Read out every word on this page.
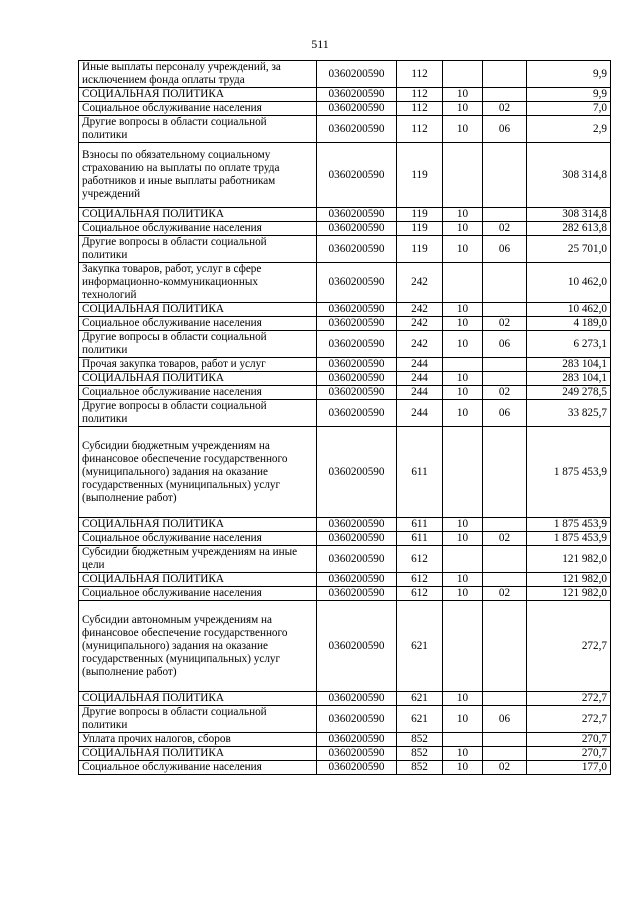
511
Иные выплаты персоналу учреждений, за исключением фонда оплаты труда	0360200590	112			9,9
СОЦИАЛЬНАЯ ПОЛИТИКА	0360200590	112	10		9,9
Социальное обслуживание населения	0360200590	112	10	02	7,0
Другие вопросы в области социальной политики	0360200590	112	10	06	2,9
Взносы по обязательному социальному страхованию на выплаты по оплате труда работников и иные выплаты работникам учреждений	0360200590	119			308 314,8
СОЦИАЛЬНАЯ ПОЛИТИКА	0360200590	119	10		308 314,8
Социальное обслуживание населения	0360200590	119	10	02	282 613,8
Другие вопросы в области социальной политики	0360200590	119	10	06	25 701,0
Закупка товаров, работ, услуг в сфере информационно-коммуникационных технологий	0360200590	242			10 462,0
СОЦИАЛЬНАЯ ПОЛИТИКА	0360200590	242	10		10 462,0
Социальное обслуживание населения	0360200590	242	10	02	4 189,0
Другие вопросы в области социальной политики	0360200590	242	10	06	6 273,1
Прочая закупка товаров, работ и услуг	0360200590	244			283 104,1
СОЦИАЛЬНАЯ ПОЛИТИКА	0360200590	244	10		283 104,1
Социальное обслуживание населения	0360200590	244	10	02	249 278,5
Другие вопросы в области социальной политики	0360200590	244	10	06	33 825,7
Субсидии бюджетным учреждениям на финансовое обеспечение государственного (муниципального) задания на оказание государственных (муниципальных) услуг (выполнение работ)	0360200590	611			1 875 453,9
СОЦИАЛЬНАЯ ПОЛИТИКА	0360200590	611	10		1 875 453,9
Социальное обслуживание населения	0360200590	611	10	02	1 875 453,9
Субсидии бюджетным учреждениям на иные цели	0360200590	612			121 982,0
СОЦИАЛЬНАЯ ПОЛИТИКА	0360200590	612	10		121 982,0
Социальное обслуживание населения	0360200590	612	10	02	121 982,0
Субсидии автономным учреждениям на финансовое обеспечение государственного (муниципального) задания на оказание государственных (муниципальных) услуг (выполнение работ)	0360200590	621			272,7
СОЦИАЛЬНАЯ ПОЛИТИКА	0360200590	621	10		272,7
Другие вопросы в области социальной политики	0360200590	621	10	06	272,7
Уплата прочих налогов, сборов	0360200590	852			270,7
СОЦИАЛЬНАЯ ПОЛИТИКА	0360200590	852	10		270,7
Социальное обслуживание населения	0360200590	852	10	02	177,0
